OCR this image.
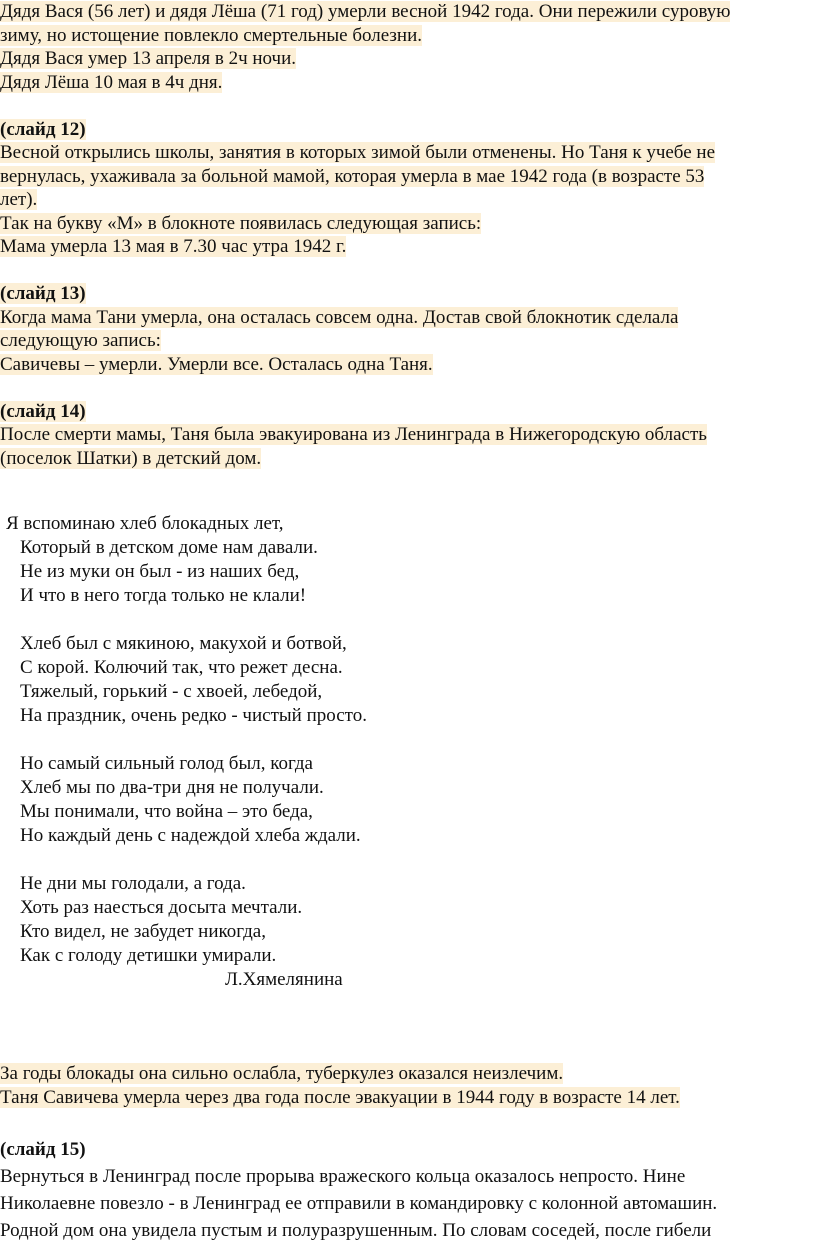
Дядя Вася (56 лет) и дядя Лёша (71 год) умерли весной 1942 года. Они пережили суровую
зиму, но истощение повлекло смертельные болезни.
Дядя Вася умер 13 апреля в 2ч ночи.
Дядя Лёша 10 мая в 4ч дня.
(слайд 12)
Весной открылись школы, занятия в которых зимой были отменены. Но Таня к учебе не
вернулась, ухаживала за больной мамой, которая умерла в мае 1942 года (в возрасте 53
лет).
Так на букву «М» в блокноте появилась следующая запись:
Мама умерла 13 мая в 7.30 час утра 1942 г.
(слайд 13)
Когда мама Тани умерла, она осталась совсем одна. Достав свой блокнотик сделала
следующую запись:
Савичевы – умерли. Умерли все. Осталась одна Таня.
(слайд 14)
После смерти мамы, Таня была эвакуирована из Ленинграда в Нижегородскую область
(поселок Шатки) в детский дом.
Я вспоминаю хлеб блокадных лет,
Который в детском доме нам давали.
Не из муки он был - из наших бед,
И что в него тогда только не клали!
Хлеб был с мякиною, макухой и ботвой,
С корой. Колючий так, что режет десна.
Тяжелый, горький - с хвоей, лебедой,
На праздник, очень редко - чистый просто.
Но самый сильный голод был, когда
Хлеб мы по два-три дня не получали.
Мы понимали, что война – это беда,
Но каждый день с надеждой хлеба ждали.
Не дни мы голодали, а года.
Хоть раз наесться досыта мечтали.
Кто видел, не забудет никогда,
Как с голоду детишки умирали.
Л.Хямелянина
За годы блокады она сильно ослабла, туберкулез оказался неизлечим.
Таня Савичева умерла через два года после эвакуации в 1944 году в возрасте 14 лет.
(слайд 15)
Вернуться в Ленинград после прорыва вражеского кольца оказалось непросто. Нине
Николаевне повезло - в Ленинград ее отправили в командировку с колонной автомашин.
Родной дом она увидела пустым и полуразрушенным. По словам соседей, после гибели
